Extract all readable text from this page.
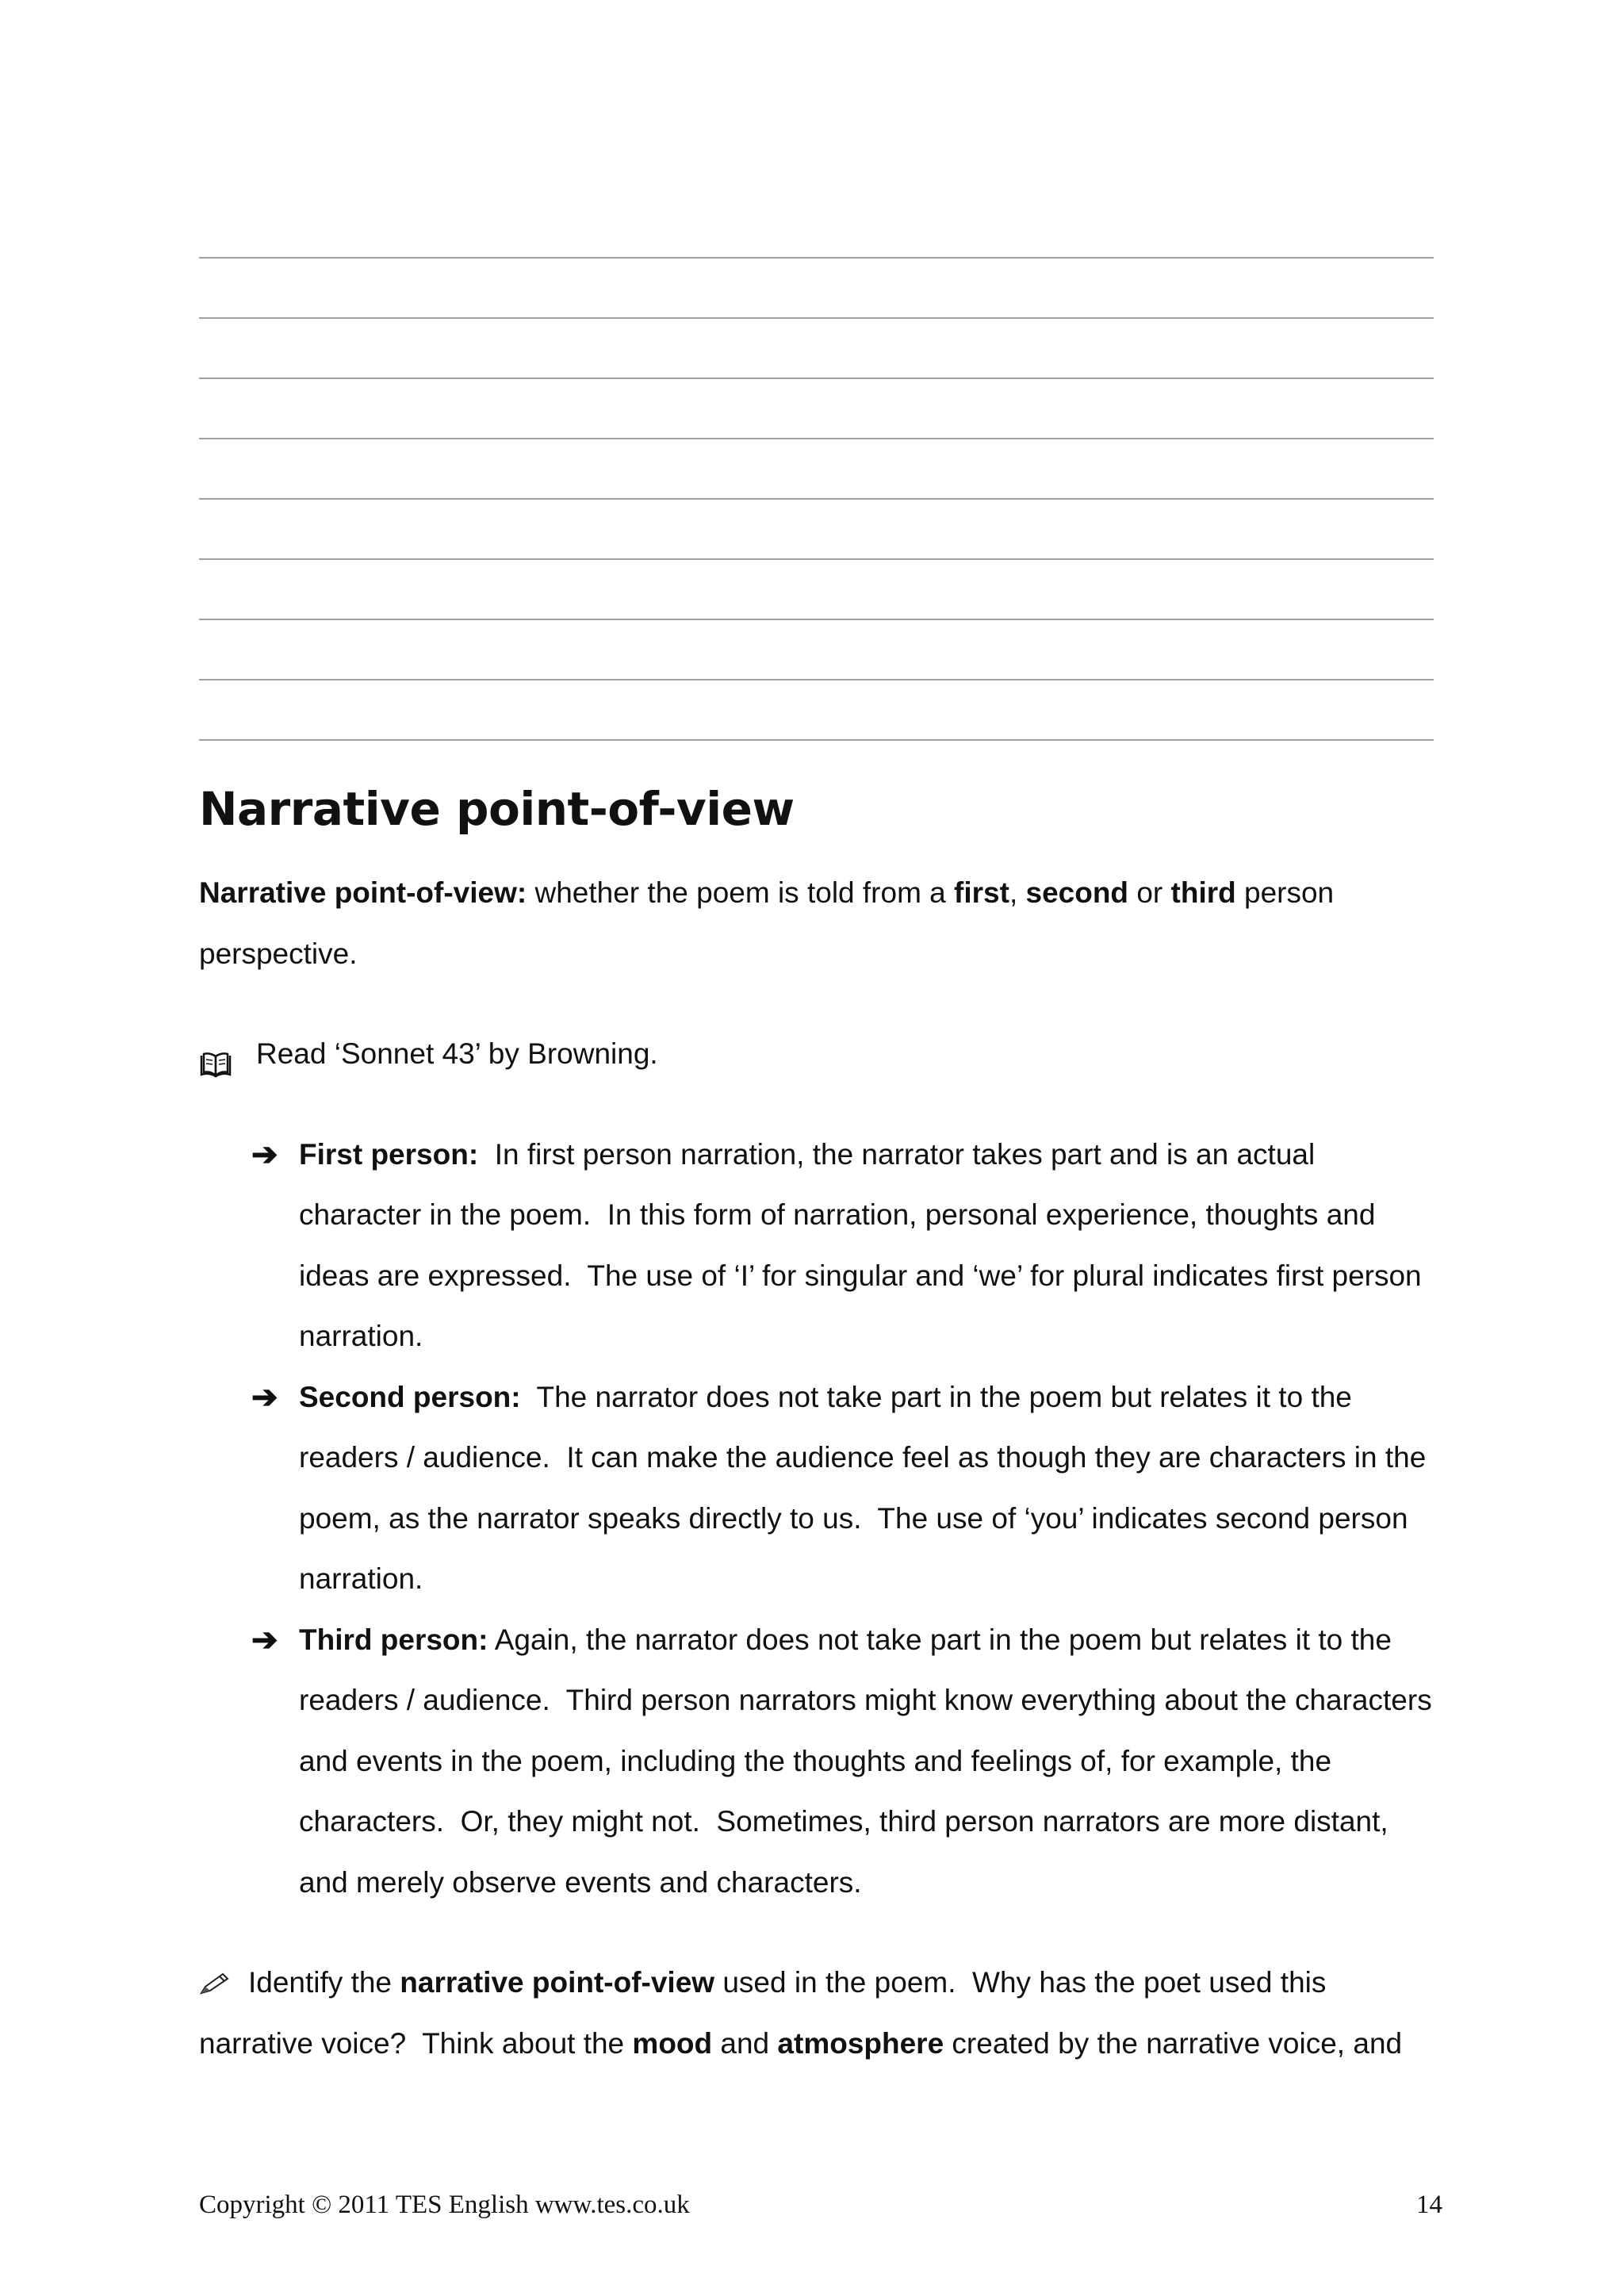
Narrative point-of-view

Narrative point-of-view: whether the poem is told from a first, second or third person perspective.

Read ‘Sonnet 43’ by Browning.
➔ First person:  In first person narration, the narrator takes part and is an actual character in the poem.  In this form of narration, personal experience, thoughts and ideas are expressed.  The use of ‘I’ for singular and ‘we’ for plural indicates first person narration.
➔ Second person:  The narrator does not take part in the poem but relates it to the readers / audience.  It can make the audience feel as though they are characters in the poem, as the narrator speaks directly to us.  The use of ‘you’ indicates second person narration.
➔ Third person: Again, the narrator does not take part in the poem but relates it to the readers / audience.  Third person narrators might know everything about the characters and events in the poem, including the thoughts and feelings of, for example, the characters.  Or, they might not.  Sometimes, third person narrators are more distant, and merely observe events and characters.

Identify the narrative point-of-view used in the poem.  Why has the poet used this narrative voice?  Think about the mood and atmosphere created by the narrative voice, and

Copyright © 2011 TES English www.tes.co.uk	14
